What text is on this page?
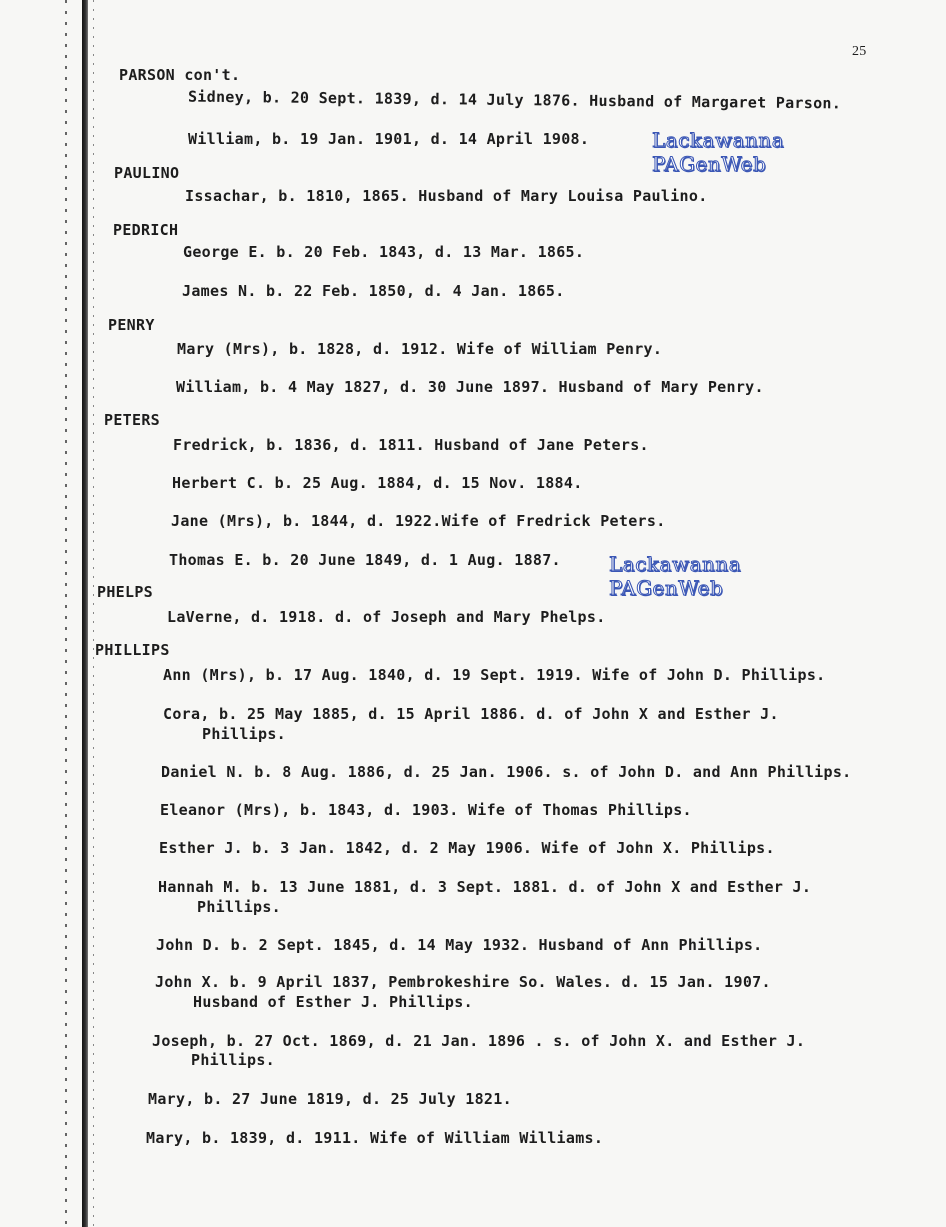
25
PARSON con't.
Sidney, b. 20 Sept. 1839, d. 14 July 1876. Husband of Margaret Parson.
William, b. 19 Jan. 1901, d. 14 April 1908.	Lackawanna
PAGenWeb
PAULINO
Issachar, b. 1810, 1865. Husband of Mary Louisa Paulino.
PEDRICH
George E. b. 20 Feb. 1843, d. 13 Mar. 1865.
James N. b. 22 Feb. 1850, d. 4 Jan. 1865.
PENRY
Mary (Mrs), b. 1828, d. 1912. Wife of William Penry.
William, b. 4 May 1827, d. 30 June 1897. Husband of Mary Penry.
PETERS
Fredrick, b. 1836, d. 1811. Husband of Jane Peters.
Herbert C. b. 25 Aug. 1884, d. 15 Nov. 1884.
Jane (Mrs), b. 1844, d. 1922.Wife of Fredrick Peters.
Thomas E. b. 20 June 1849, d. 1 Aug. 1887. Lackawanna
PAGenWeb
PHELPS
LaVerne, d. 1918. d. of Joseph and Mary Phelps.
PHILLIPS
Ann (Mrs), b. 17 Aug. 1840, d. 19 Sept. 1919. Wife of John D. Phillips.
Cora, b. 25 May 1885, d. 15 April 1886. d. of John X and Esther J.
Phillips.
Daniel N. b. 8 Aug. 1886, d. 25 Jan. 1906. s. of John D. and Ann Phillips.
Eleanor (Mrs), b. 1843, d. 1903. Wife of Thomas Phillips.
Esther J. b. 3 Jan. 1842, d. 2 May 1906. Wife of John X. Phillips.
Hannah M. b. 13 June 1881, d. 3 Sept. 1881. d. of John X and Esther J.
Phillips.
John D. b. 2 Sept. 1845, d. 14 May 1932. Husband of Ann Phillips.
John X. b. 9 April 1837, Pembrokeshire So. Wales. d. 15 Jan. 1907.
Husband of Esther J. Phillips.
Joseph, b. 27 Oct. 1869, d. 21 Jan. 1896 . s. of John X. and Esther J.
Phillips.
Mary, b. 27 June 1819, d. 25 July 1821.
Mary, b. 1839, d. 1911. Wife of William Williams.
